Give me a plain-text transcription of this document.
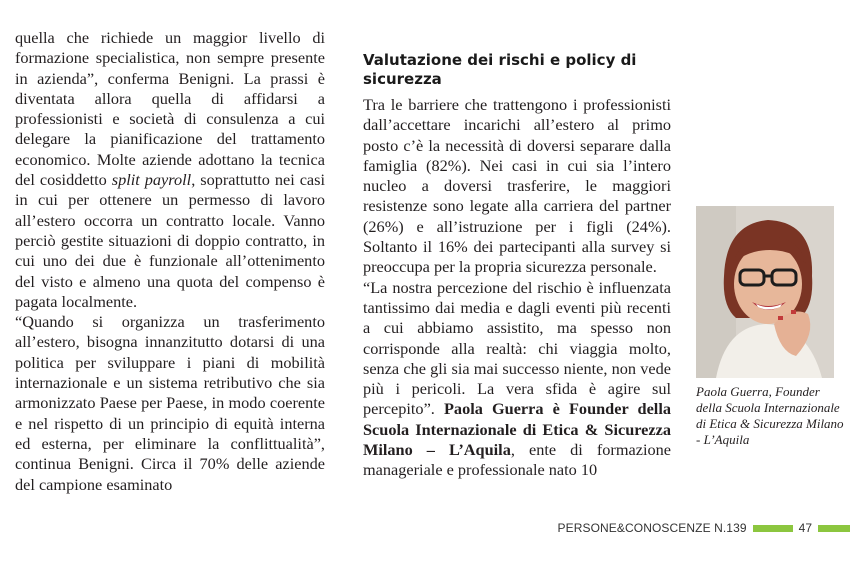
quella che richiede un maggior livello di formazione specialistica, non sempre presente in azienda”, conferma Benigni. La prassi è diventata allora quella di affidarsi a professionisti e società di consulenza a cui delegare la pianificazione del trattamento economico. Molte aziende adottano la tecnica del cosiddetto split payroll, soprattutto nei casi in cui per ottenere un permesso di lavoro all’estero occorra un contratto locale. Vanno perciò gestite situazioni di doppio contratto, in cui uno dei due è funzionale all’ottenimento del visto e almeno una quota del compenso è pagata localmente.

“Quando si organizza un trasferimento all’estero, bisogna innanzitutto dotarsi di una politica per sviluppare i piani di mobilità internazionale e un sistema retributivo che sia armonizzato Paese per Paese, in modo coerente e nel rispetto di un principio di equità interna ed esterna, per eliminare la conflittualità”, continua Benigni. Circa il 70% delle aziende del campione esaminato

Valutazione dei rischi e policy di sicurezza

Tra le barriere che trattengono i professionisti dall’accettare incarichi all’estero al primo posto c’è la necessità di doversi separare dalla famiglia (82%). Nei casi in cui sia l’intero nucleo a doversi trasferire, le maggiori resistenze sono legate alla carriera del partner (26%) e all’istruzione per i figli (24%). Soltanto il 16% dei partecipanti alla survey si preoccupa per la propria sicurezza personale.

“La nostra percezione del rischio è influenzata tantissimo dai media e dagli eventi più recenti a cui abbiamo assistito, ma spesso non corrisponde alla realtà: chi viaggia molto, senza che gli sia mai successo niente, non vede più i pericoli. La vera sfida è agire sul percepito”. Paola Guerra è Founder della Scuola Internazionale di Etica & Sicurezza Milano – L’Aquila, ente di formazione manageriale e professionale nato 10

Paola Guerra, Founder della Scuola Internazionale di Etica & Sicurezza Milano - L’Aquila
PERSONE&CONOSCENZE N.139	47
